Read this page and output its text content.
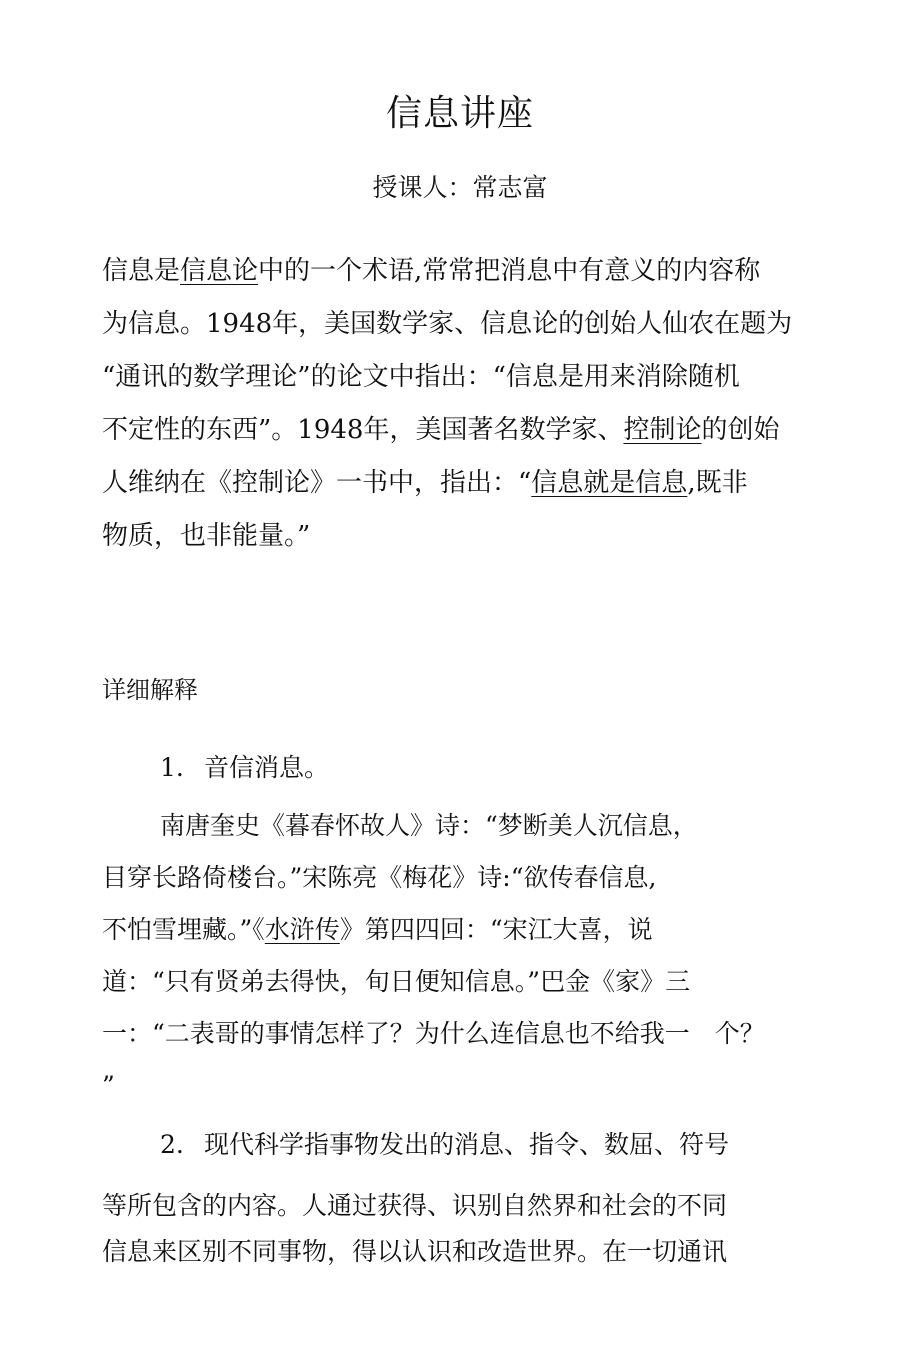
信息讲座

授课人：常志富

信息是信息论中的一个术语,常常把消息中有意义的内容称
为信息。1948年，美国数学家、信息论的创始人仙农在题为
“通讯的数学理论”的论文中指出：“信息是用来消除随机
不定性的东西”。1948年，美国著名数学家、控制论的创始
人维纳在《控制论》一书中，指出：“信息就是信息,既非
物质，也非能量。”
详细解释

1. 音信消息。

南唐奎史《暮春怀故人》诗：“梦断美人沉信息，
目穿长路倚楼台。”宋陈亮《梅花》诗:“欲传春信息,
不怕雪埋藏。”《水浒传》第四四回：“宋江大喜，说
道：“只有贤弟去得快，旬日便知信息。”巴金《家》三
一：“二表哥的事情怎样了？为什么连信息也不给我一　个？
”

2. 现代科学指事物发出的消息、指令、数屈、符号

等所包含的内容。人通过获得、识别自然界和社会的不同
信息来区别不同事物，得以认识和改造世界。在一切通讯
